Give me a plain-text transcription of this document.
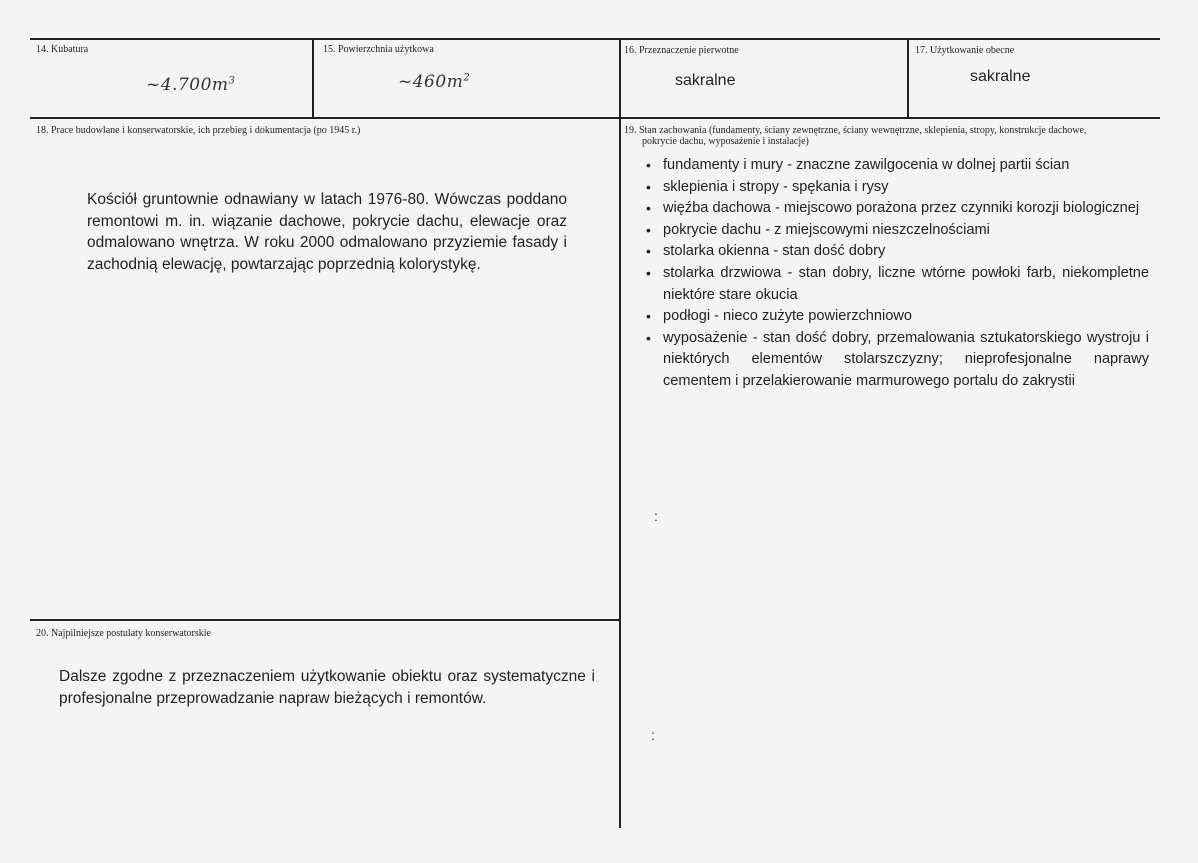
14. Kubatura
$\sim 4.700m^3$
15. Powierzchnia użytkowa
$\sim 460m^2$
16. Przeznaczenie pierwotne
sakralne
17. Użytkowanie obecne
sakralne
18. Prace budowlane i konserwatorskie, ich przebieg i dokumentacja (po 1945 r.)

Kościół gruntownie odnawiany w latach 1976-80. Wówczas poddano remontowi m. in. wiązanie dachowe, pokrycie dachu, elewacje oraz odmalowano wnętrza. W roku 2000 odmalowano przyziemie fasady i zachodnią elewację, powtarzając poprzednią kolorystykę.

19. Stan zachowania (fundamenty, ściany zewnętrzne, ściany wewnętrzne, sklepienia, stropy, konstrukcje dachowe,
pokrycie dachu, wyposażenie i instalacje)
• fundamenty i mury - znaczne zawilgocenia w dolnej partii ścian
• sklepienia i stropy - spękania i rysy
• więźba dachowa - miejscowo porażona przez czynniki korozji biologicznej
• pokrycie dachu - z miejscowymi nieszczelnościami
• stolarka okienna - stan dość dobry
• stolarka drzwiowa - stan dobry, liczne wtórne powłoki farb, niekompletne niektóre stare okucia
• podłogi - nieco zużyte powierzchniowo
• wyposażenie - stan dość dobry, przemalowania sztukatorskiego wystroju i niektórych elementów stolarszczyzny; nieprofesjonalne naprawy cementem i przelakierowanie marmurowego portalu do zakrystii
:
:
20. Najpilniejsze postulaty konserwatorskie

Dalsze zgodne z przeznaczeniem użytkowanie obiektu oraz systematyczne i profesjonalne przeprowadzanie napraw bieżących i remontów.
